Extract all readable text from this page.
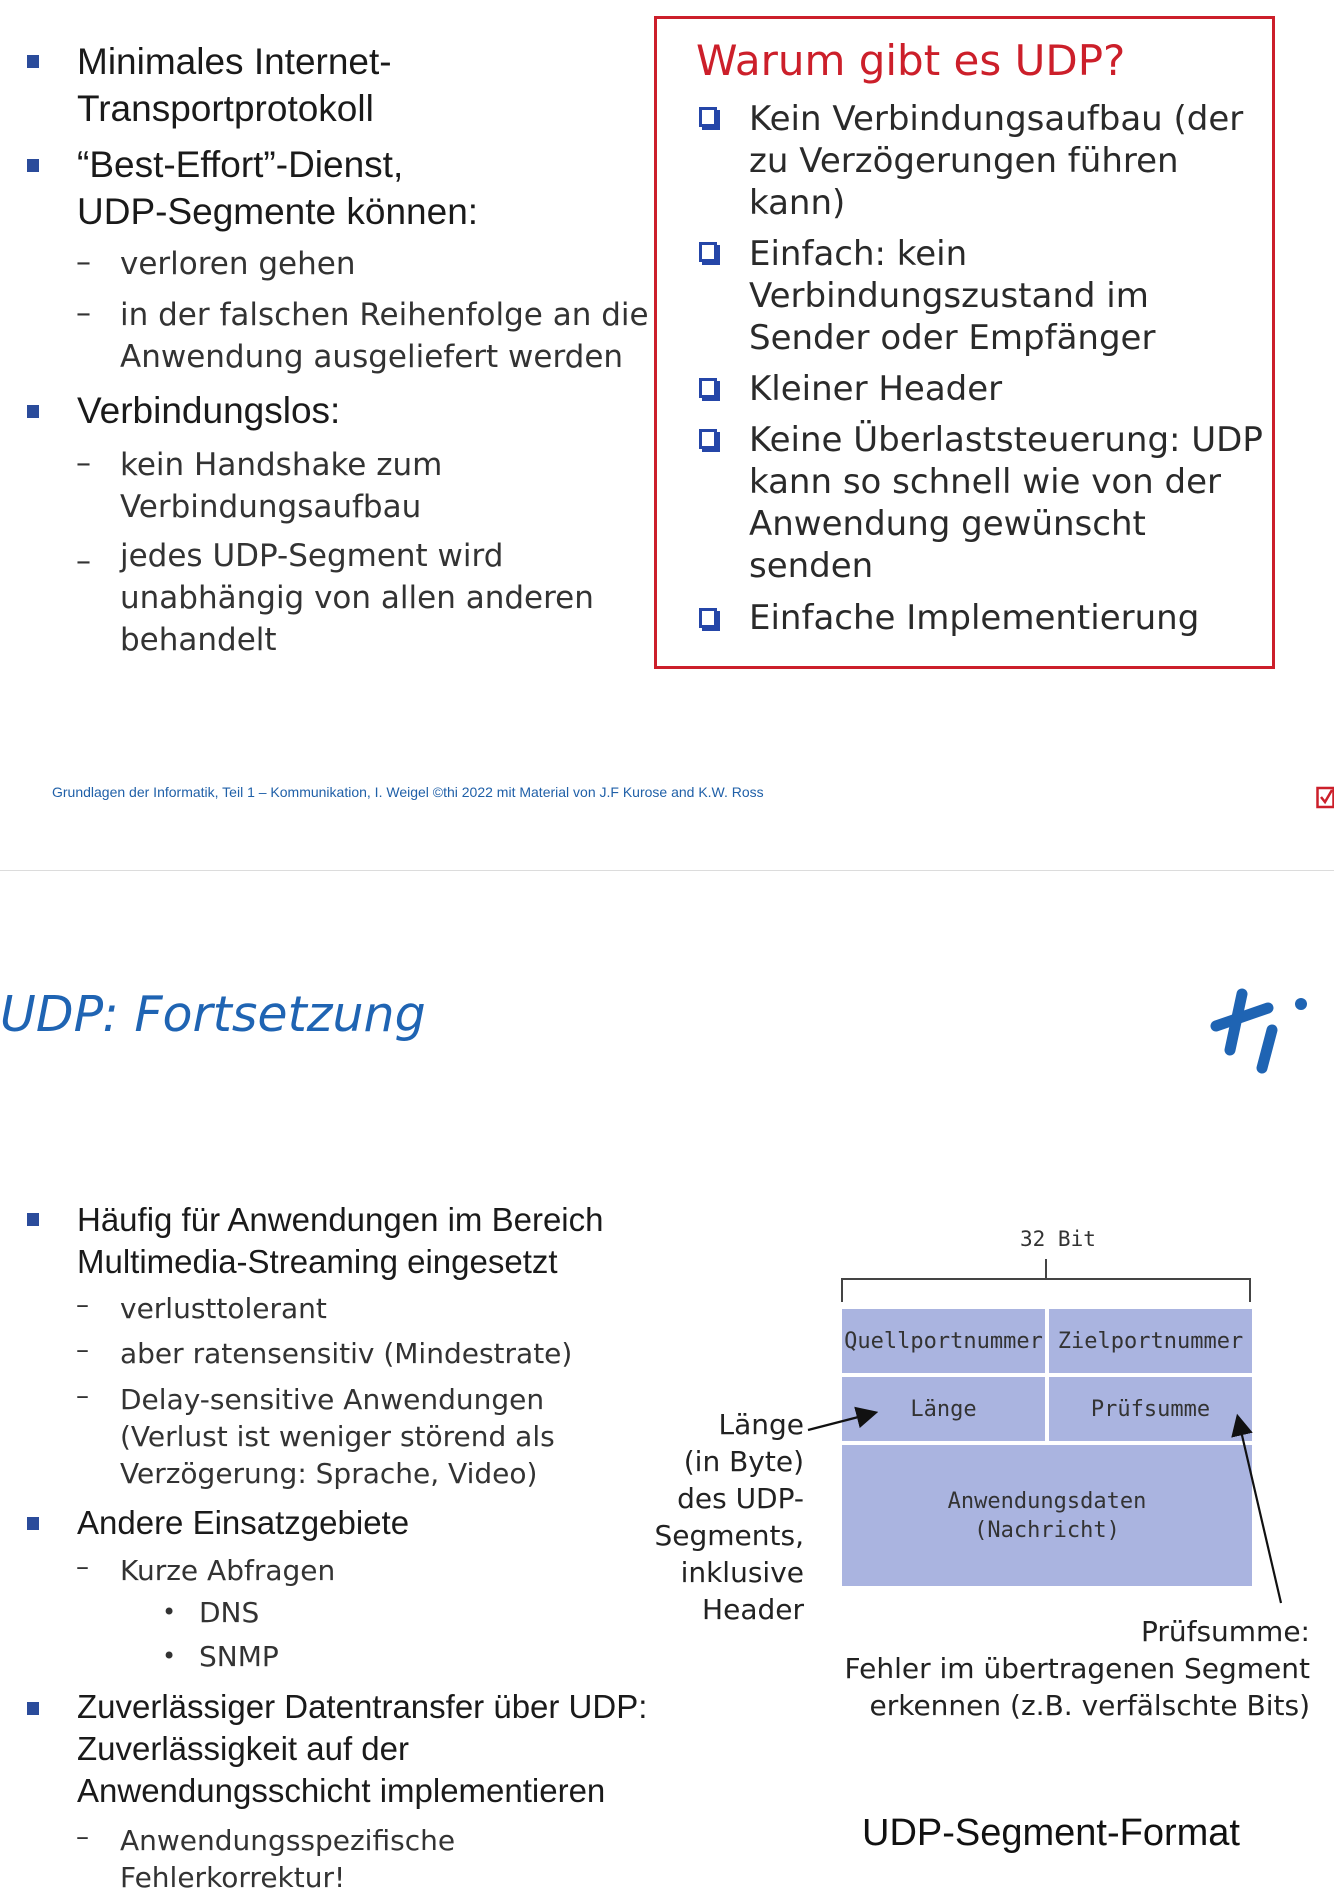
Minimales Internet-
Transportprotokoll
“Best-Effort”-Dienst,
UDP-Segmente können:
– verloren gehen
– in der falschen Reihenfolge an die
Anwendung ausgeliefert werden
Verbindungslos:
– kein Handshake zum
Verbindungsaufbau
– jedes UDP-Segment wird
unabhängig von allen anderen
behandelt
Warum gibt es UDP?
Kein Verbindungsaufbau (der
zu Verzögerungen führen
kann)
Einfach: kein
Verbindungszustand im
Sender oder Empfänger
Kleiner Header
Keine Überlaststeuerung: UDP
kann so schnell wie von der
Anwendung gewünscht
senden
Einfache Implementierung
Grundlagen der Informatik, Teil 1 – Kommunikation, I. Weigel ©thi 2022 mit Material von J.F Kurose and K.W. Ross
UDP: Fortsetzung
Häufig für Anwendungen im Bereich
Multimedia-Streaming eingesetzt
– verlusttolerant
– aber ratensensitiv (Mindestrate)
– Delay-sensitive Anwendungen
(Verlust ist weniger störend als
Verzögerung: Sprache, Video)
Andere Einsatzgebiete
– Kurze Abfragen
• DNS
• SNMP
Zuverlässiger Datentransfer über UDP:
Zuverlässigkeit auf der
Anwendungsschicht implementieren
– Anwendungsspezifische
Fehlerkorrektur!
32 Bit
Quellportnummer Zielportnummer
Länge	Prüfsumme
Anwendungsdaten
(Nachricht)
Länge
(in Byte)
des UDP-
Segments,
inklusive
Header
Prüfsumme:
Fehler im übertragenen Segment
erkennen (z.B. verfälschte Bits)
UDP-Segment-Format
